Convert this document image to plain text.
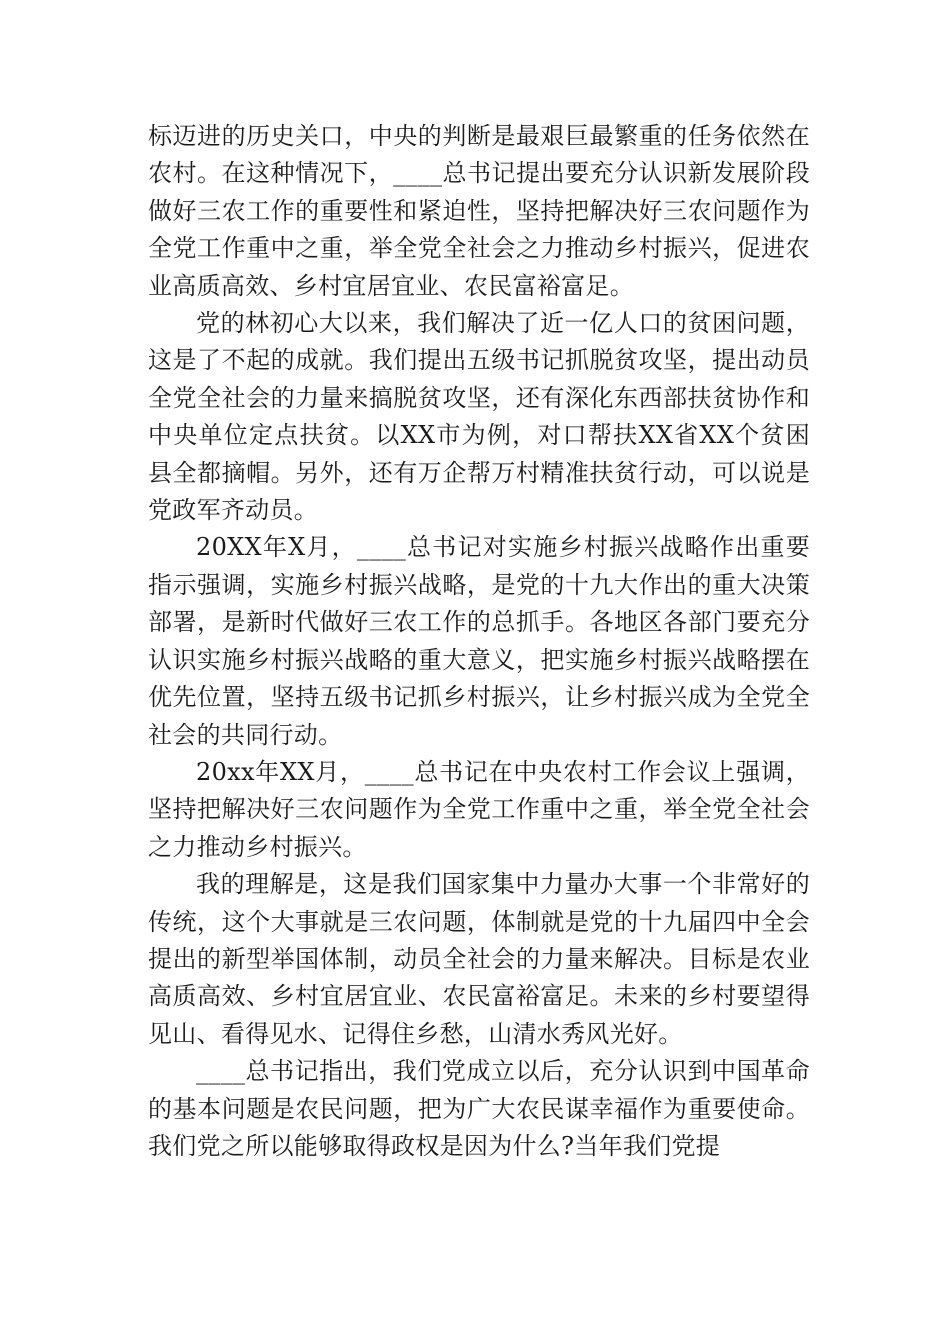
标迈进的历史关口，中央的判断是最艰巨最繁重的任务依然在农村。在这种情况下，____总书记提出要充分认识新发展阶段做好三农工作的重要性和紧迫性，坚持把解决好三农问题作为全党工作重中之重，举全党全社会之力推动乡村振兴，促进农业高质高效、乡村宜居宜业、农民富裕富足。

党的林初心大以来，我们解决了近一亿人口的贫困问题，这是了不起的成就。我们提出五级书记抓脱贫攻坚，提出动员全党全社会的力量来搞脱贫攻坚，还有深化东西部扶贫协作和中央单位定点扶贫。以XX市为例，对口帮扶XX省XX个贫困县全都摘帽。另外，还有万企帮万村精准扶贫行动，可以说是党政军齐动员。

20XX年X月，____总书记对实施乡村振兴战略作出重要指示强调，实施乡村振兴战略，是党的十九大作出的重大决策部署，是新时代做好三农工作的总抓手。各地区各部门要充分认识实施乡村振兴战略的重大意义，把实施乡村振兴战略摆在优先位置，坚持五级书记抓乡村振兴，让乡村振兴成为全党全社会的共同行动。

20xx年XX月，____总书记在中央农村工作会议上强调，坚持把解决好三农问题作为全党工作重中之重，举全党全社会之力推动乡村振兴。

我的理解是，这是我们国家集中力量办大事一个非常好的传统，这个大事就是三农问题，体制就是党的十九届四中全会提出的新型举国体制，动员全社会的力量来解决。目标是农业高质高效、乡村宜居宜业、农民富裕富足。未来的乡村要望得见山、看得见水、记得住乡愁，山清水秀风光好。

____总书记指出，我们党成立以后，充分认识到中国革命的基本问题是农民问题，把为广大农民谋幸福作为重要使命。我们党之所以能够取得政权是因为什么?当年我们党提
